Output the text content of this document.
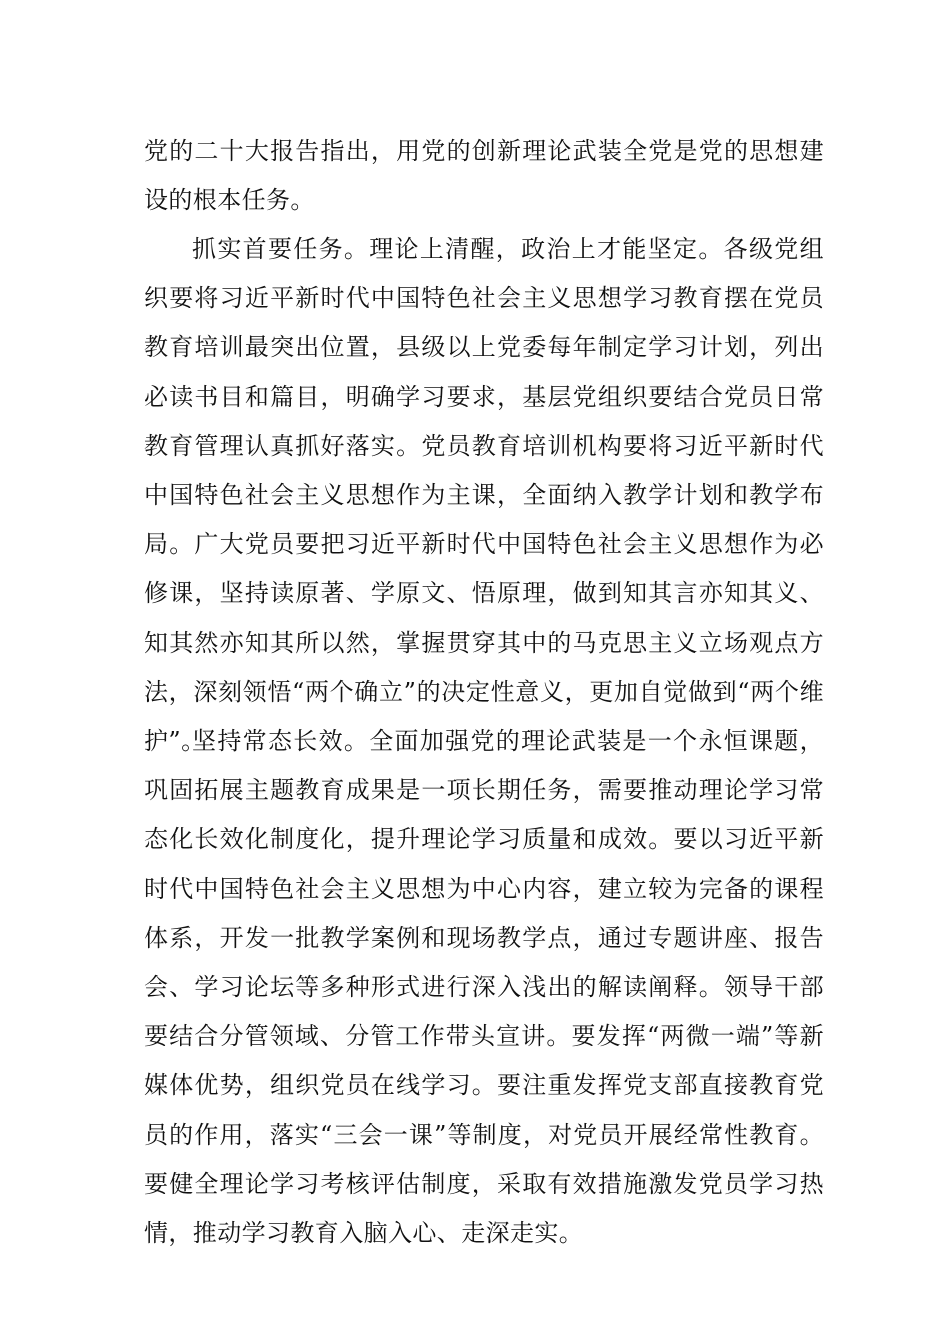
党的二十大报告指出，用党的创新理论武装全党是党的思想建设的根本任务。

抓实首要任务。理论上清醒，政治上才能坚定。各级党组织要将习近平新时代中国特色社会主义思想学习教育摆在党员教育培训最突出位置，县级以上党委每年制定学习计划，列出必读书目和篇目，明确学习要求，基层党组织要结合党员日常教育管理认真抓好落实。党员教育培训机构要将习近平新时代中国特色社会主义思想作为主课，全面纳入教学计划和教学布局。广大党员要把习近平新时代中国特色社会主义思想作为必修课，坚持读原著、学原文、悟原理，做到知其言亦知其义、知其然亦知其所以然，掌握贯穿其中的马克思主义立场观点方法，深刻领悟“两个确立”的决定性意义，更加自觉做到“两个维护”。

坚持常态长效。全面加强党的理论武装是一个永恒课题，巩固拓展主题教育成果是一项长期任务，需要推动理论学习常态化长效化制度化，提升理论学习质量和成效。要以习近平新时代中国特色社会主义思想为中心内容，建立较为完备的课程体系，开发一批教学案例和现场教学点，通过专题讲座、报告会、学习论坛等多种形式进行深入浅出的解读阐释。领导干部要结合分管领域、分管工作带头宣讲。要发挥“两微一端”等新媒体优势，组织党员在线学习。要注重发挥党支部直接教育党员的作用，落实“三会一课”等制度，对党员开展经常性教育。要健全理论学习考核评估制度，采取有效措施激发党员学习热情，推动学习教育入脑入心、走深走实。
